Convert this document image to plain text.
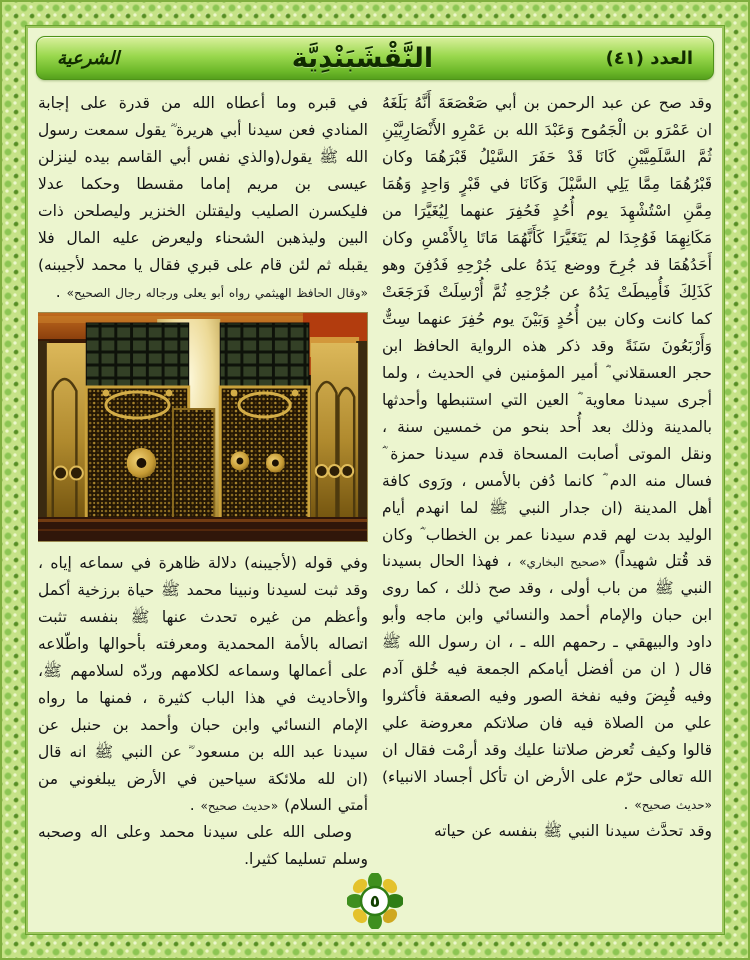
العدد (٤١)
النَّقْشَبَنْدِيَّة
الشرعية

وقد صح عن عبد الرحمن بن أبي صَعْصَعَةَ أَنَّهُ بَلَغَهُ ان عَمْرَو بن الْجَمُوح وَعَبْدَ الله بن عَمْرِو الأَنْصَارِيَّيْنِ ثُمَّ السَّلَمِيَّيْنِ كَانَا قَدْ حَفَرَ السَّيْلُ قَبْرَهُمَا وكان قَبْرُهُمَا مِمَّا يَلِي السَّيْلَ وَكَانَا في قَبْرٍ وَاحِدٍ وَهُمَا مِمَّنِ اسْتُشْهِدَ يوم أُحُدٍ فَحُفِرَ عنهما لِيُغَيَّرَا من مَكَانِهِمَا فَوُجِدَا لم يَتَغَيَّرَا كَأَنَّهُمَا مَاتَا بِالأَمْسِ وكان أَحَدُهُمَا قد جُرِحَ ووضع يَدَهُ على جُرْحِهِ فَدُفِنَ وهو كَذَلِكَ فَأُمِيطَتْ يَدُهُ عن جُرْحِهِ ثُمَّ أُرْسِلَتْ فَرَجَعَتْ كما كانت وكان بين أُحُدٍ وَبَيْنَ يوم حُفِرَ عنهما سِتٌّ وَأَرْبَعُونَ سَنَةً وقد ذكر هذه الرواية الحافظ ابن حجر العسقلاني ؓ أمير المؤمنين في الحديث ، ولما أجرى سيدنا معاوية ؓ العين التي استنبطها وأحدثها بالمدينة وذلك بعد أُحد بنحو من خمسين سنة ، ونقل الموتى أصابت المسحاة قدم سيدنا حمزة ؓ فسال منه الدم ؓ كانما دُفن بالأمس ، ورَوى كافة أهل المدينة (ان جدار النبي ﷺ لما انهدم أيام الوليد بدت لهم قدم سيدنا عمر بن الخطاب ؓ وكان قد قُتل شهيداً) «صحيح البخاري» ، فهذا الحال بسيدنا النبي ﷺ من باب أولى ، وقد صح ذلك ، كما روى ابن حبان والإمام أحمد والنسائي وابن ماجه وأبو داود والبيهقي ـ رحمهم الله ـ ، ان رسول الله ﷺ قال ( ان من أفضل أيامكم الجمعة فيه خُلق آدم وفيه قُبِضَ وفيه نفخة الصور وفيه الصعقة فأكثروا علي من الصلاة فيه فان صلاتكم معروضة علي قالوا وكيف تُعرض صلاتنا عليك وقد أرمْت فقال ان الله تعالى حرّم على الأرض ان تأكل أجساد الانبياء) «حديث صحيح» .

وقد تحدَّث سيدنا النبي ﷺ بنفسه عن حياته

في قبره وما أعطاه الله من قدرة على إجابة المنادي فعن سيدنا أبي هريرة ؓ يقول سمعت رسول الله ﷺ يقول(والذي نفس أبي القاسم بيده لينزلن عيسى بن مريم إماما مقسطا وحكما عدلا فليكسرن الصليب وليقتلن الخنزير وليصلحن ذات البين وليذهبن الشحناء وليعرض عليه المال فلا يقبله ثم لئن قام على قبري فقال يا محمد لأجيبنه) «وقال الحافظ الهيثمي رواه أبو يعلى ورجاله رجال الصحيح» .

وفي قوله (لأجيبنه) دلالة ظاهرة في سماعه إياه ، وقد ثبت لسيدنا ونبينا محمد ﷺ حياة برزخية أكمل وأعظم من غيره تحدث عنها ﷺ بنفسه تثبت اتصاله بالأمة المحمدية ومعرفته بأحوالها واطّلاعه على أعمالها وسماعه لكلامهم وردّه لسلامهم ﷺ، والأحاديث في هذا الباب كثيرة ، فمنها ما رواه الإمام النسائي وابن حبان وأحمد بن حنبل عن سيدنا عبد الله بن مسعود ؓ عن النبي ﷺ انه قال (ان لله ملائكة سياحين في الأرض يبلغوني من أمتي السلام) «حديث صحيح» .

وصلى الله على سيدنا محمد وعلى اله وصحبه وسلم تسليما كثيرا.

٥
